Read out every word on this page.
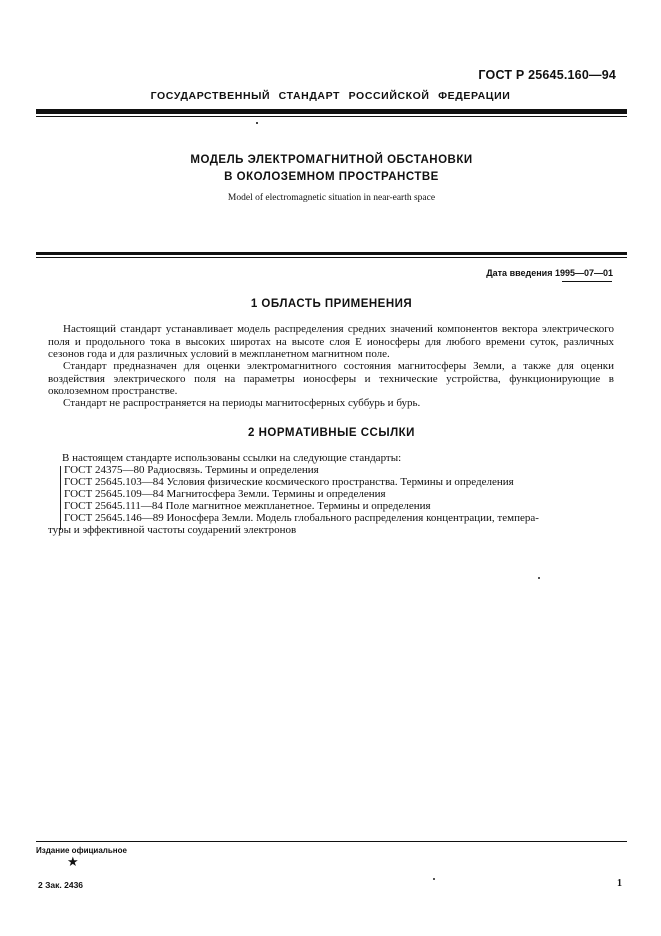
ГОСТ Р 25645.160—94
ГОСУДАРСТВЕННЫЙ СТАНДАРТ РОССИЙСКОЙ ФЕДЕРАЦИИ
МОДЕЛЬ ЭЛЕКТРОМАГНИТНОЙ ОБСТАНОВКИ
В ОКОЛОЗЕМНОМ ПРОСТРАНСТВЕ
Model of electromagnetic situation in near-earth space
Дата введения 1995—07—01
1 ОБЛАСТЬ ПРИМЕНЕНИЯ
Настоящий стандарт устанавливает модель распределения средних значений компонентов вектора электрического поля и продольного тока в высоких широтах на высоте слоя E ионосферы для любого времени суток, различных сезонов года и для различных условий в межпланетном магнитном поле.
Стандарт предназначен для оценки электромагнитного состояния магнитосферы Земли, а также для оценки воздействия электрического поля на параметры ионосферы и технические устройства, функционирующие в околоземном пространстве.
Стандарт не распространяется на периоды магнитосферных суббурь и бурь.
2 НОРМАТИВНЫЕ ССЫЛКИ
В настоящем стандарте использованы ссылки на следующие стандарты:
ГОСТ 24375—80 Радиосвязь. Термины и определения
ГОСТ 25645.103—84 Условия физические космического пространства. Термины и определения
ГОСТ 25645.109—84 Магнитосфера Земли. Термины и определения
ГОСТ 25645.111—84 Поле магнитное межпланетное. Термины и определения
ГОСТ 25645.146—89 Ионосфера Земли. Модель глобального распределения концентрации, темпера-
туры и эффективной частоты соударений электронов
Издание официальное
★
2 Зак. 2436	1
